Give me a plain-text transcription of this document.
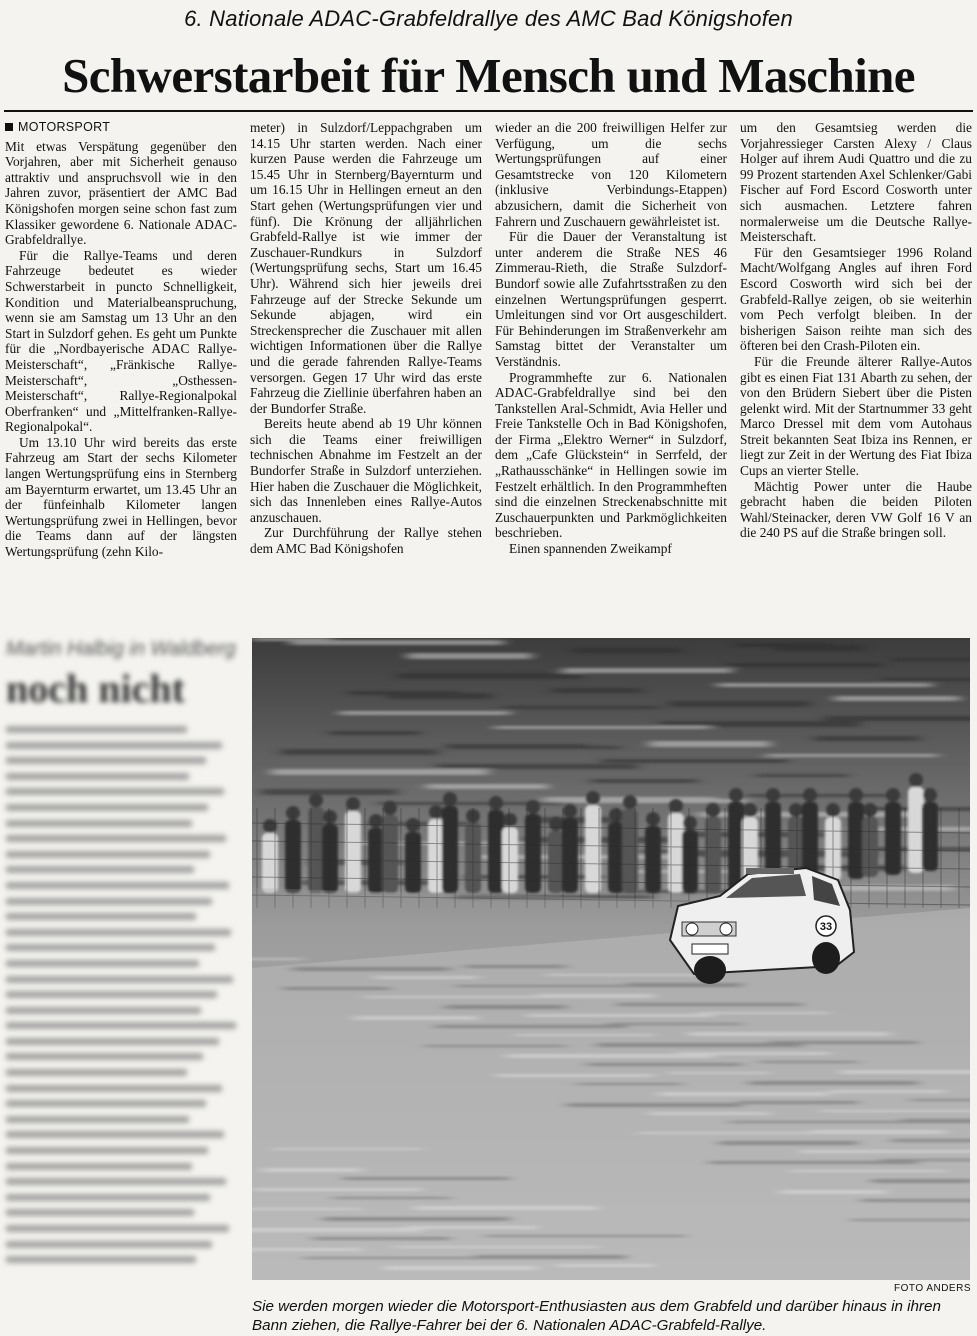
6. Nationale ADAC-Grabfeldrallye des AMC Bad Königshofen
Schwerstarbeit für Mensch und Maschine

MOTORSPORT

Mit etwas Verspätung gegenüber den Vorjahren, aber mit Sicherheit genauso attraktiv und anspruchsvoll wie in den Jahren zuvor, präsentiert der AMC Bad Königshofen morgen seine schon fast zum Klassiker gewordene 6. Nationale ADAC-Grabfeldrallye.

Für die Rallye-Teams und deren Fahrzeuge bedeutet es wieder Schwerstarbeit in puncto Schnelligkeit, Kondition und Materialbeanspruchung, wenn sie am Samstag um 13 Uhr an den Start in Sulzdorf gehen. Es geht um Punkte für die „Nordbayerische ADAC Rallye-Meisterschaft“, „Fränkische Rallye-Meisterschaft“, „Osthessen-Meisterschaft“, Rallye-Regionalpokal Oberfranken“ und „Mittelfranken-Rallye-Regionalpokal“.

Um 13.10 Uhr wird bereits das erste Fahrzeug am Start der sechs Kilometer langen Wertungsprüfung eins in Sternberg am Bayernturm erwartet, um 13.45 Uhr an der fünfeinhalb Kilometer langen Wertungsprüfung zwei in Hellingen, bevor die Teams dann auf der längsten Wertungsprüfung (zehn Kilo-

meter) in Sulzdorf/Leppachgraben um 14.15 Uhr starten werden. Nach einer kurzen Pause werden die Fahrzeuge um 15.45 Uhr in Sternberg/Bayernturm und um 16.15 Uhr in Hellingen erneut an den Start gehen (Wertungsprüfungen vier und fünf). Die Krönung der alljährlichen Grabfeld-Rallye ist wie immer der Zuschauer-Rundkurs in Sulzdorf (Wertungsprüfung sechs, Start um 16.45 Uhr). Während sich hier jeweils drei Fahrzeuge auf der Strecke Sekunde um Sekunde abjagen, wird ein Streckensprecher die Zuschauer mit allen wichtigen Informationen über die Rallye und die gerade fahrenden Rallye-Teams versorgen. Gegen 17 Uhr wird das erste Fahrzeug die Ziellinie überfahren haben an der Bundorfer Straße.

Bereits heute abend ab 19 Uhr können sich die Teams einer freiwilligen technischen Abnahme im Festzelt an der Bundorfer Straße in Sulzdorf unterziehen. Hier haben die Zuschauer die Möglichkeit, sich das Innenleben eines Rallye-Autos anzuschauen.

Zur Durchführung der Rallye stehen dem AMC Bad Königshofen

wieder an die 200 freiwilligen Helfer zur Verfügung, um die sechs Wertungsprüfungen auf einer Gesamtstrecke von 120 Kilometern (inklusive Verbindungs-Etappen) abzusichern, damit die Sicherheit von Fahrern und Zuschauern gewährleistet ist.

Für die Dauer der Veranstaltung ist unter anderem die Straße NES 46 Zimmerau-Rieth, die Straße Sulzdorf-Bundorf sowie alle Zufahrtsstraßen zu den einzelnen Wertungsprüfungen gesperrt. Umleitungen sind vor Ort ausgeschildert. Für Behinderungen im Straßenverkehr am Samstag bittet der Veranstalter um Verständnis.

Programmhefte zur 6. Nationalen ADAC-Grabfeldrallye sind bei den Tankstellen Aral-Schmidt, Avia Heller und Freie Tankstelle Och in Bad Königshofen, der Firma „Elektro Werner“ in Sulzdorf, dem „Cafe Glückstein“ in Serrfeld, der „Rathausschänke“ in Hellingen sowie im Festzelt erhältlich. In den Programmheften sind die einzelnen Streckenabschnitte mit Zuschauerpunkten und Parkmöglichkeiten beschrieben.

Einen spannenden Zweikampf

um den Gesamtsieg werden die Vorjahressieger Carsten Alexy / Claus Holger auf ihrem Audi Quattro und die zu 99 Prozent startenden Axel Schlenker/Gabi Fischer auf Ford Escord Cosworth unter sich ausmachen. Letztere fahren normalerweise um die Deutsche Rallye-Meisterschaft.

Für den Gesamtsieger 1996 Roland Macht/Wolfgang Angles auf ihren Ford Escord Cosworth wird sich bei der Grabfeld-Rallye zeigen, ob sie weiterhin vom Pech verfolgt bleiben. In der bisherigen Saison reihte man sich des öfteren bei den Crash-Piloten ein.

Für die Freunde älterer Rallye-Autos gibt es einen Fiat 131 Abarth zu sehen, der von den Brüdern Siebert über die Pisten gelenkt wird. Mit der Startnummer 33 geht Marco Dressel mit dem vom Autohaus Streit bekannten Seat Ibiza ins Rennen, er liegt zur Zeit in der Wertung des Fiat Ibiza Cups an vierter Stelle.

Mächtig Power unter die Haube gebracht haben die beiden Piloten Wahl/Steinacker, deren VW Golf 16 V an die 240 PS auf die Straße bringen soll.

Martin Halbig in Waldberg
noch nicht
33
FOTO ANDERS
Sie werden morgen wieder die Motorsport-Enthusiasten aus dem Grabfeld und darüber hinaus in ihren Bann ziehen, die Rallye-Fahrer bei der 6. Nationalen ADAC-Grabfeld-Rallye.
